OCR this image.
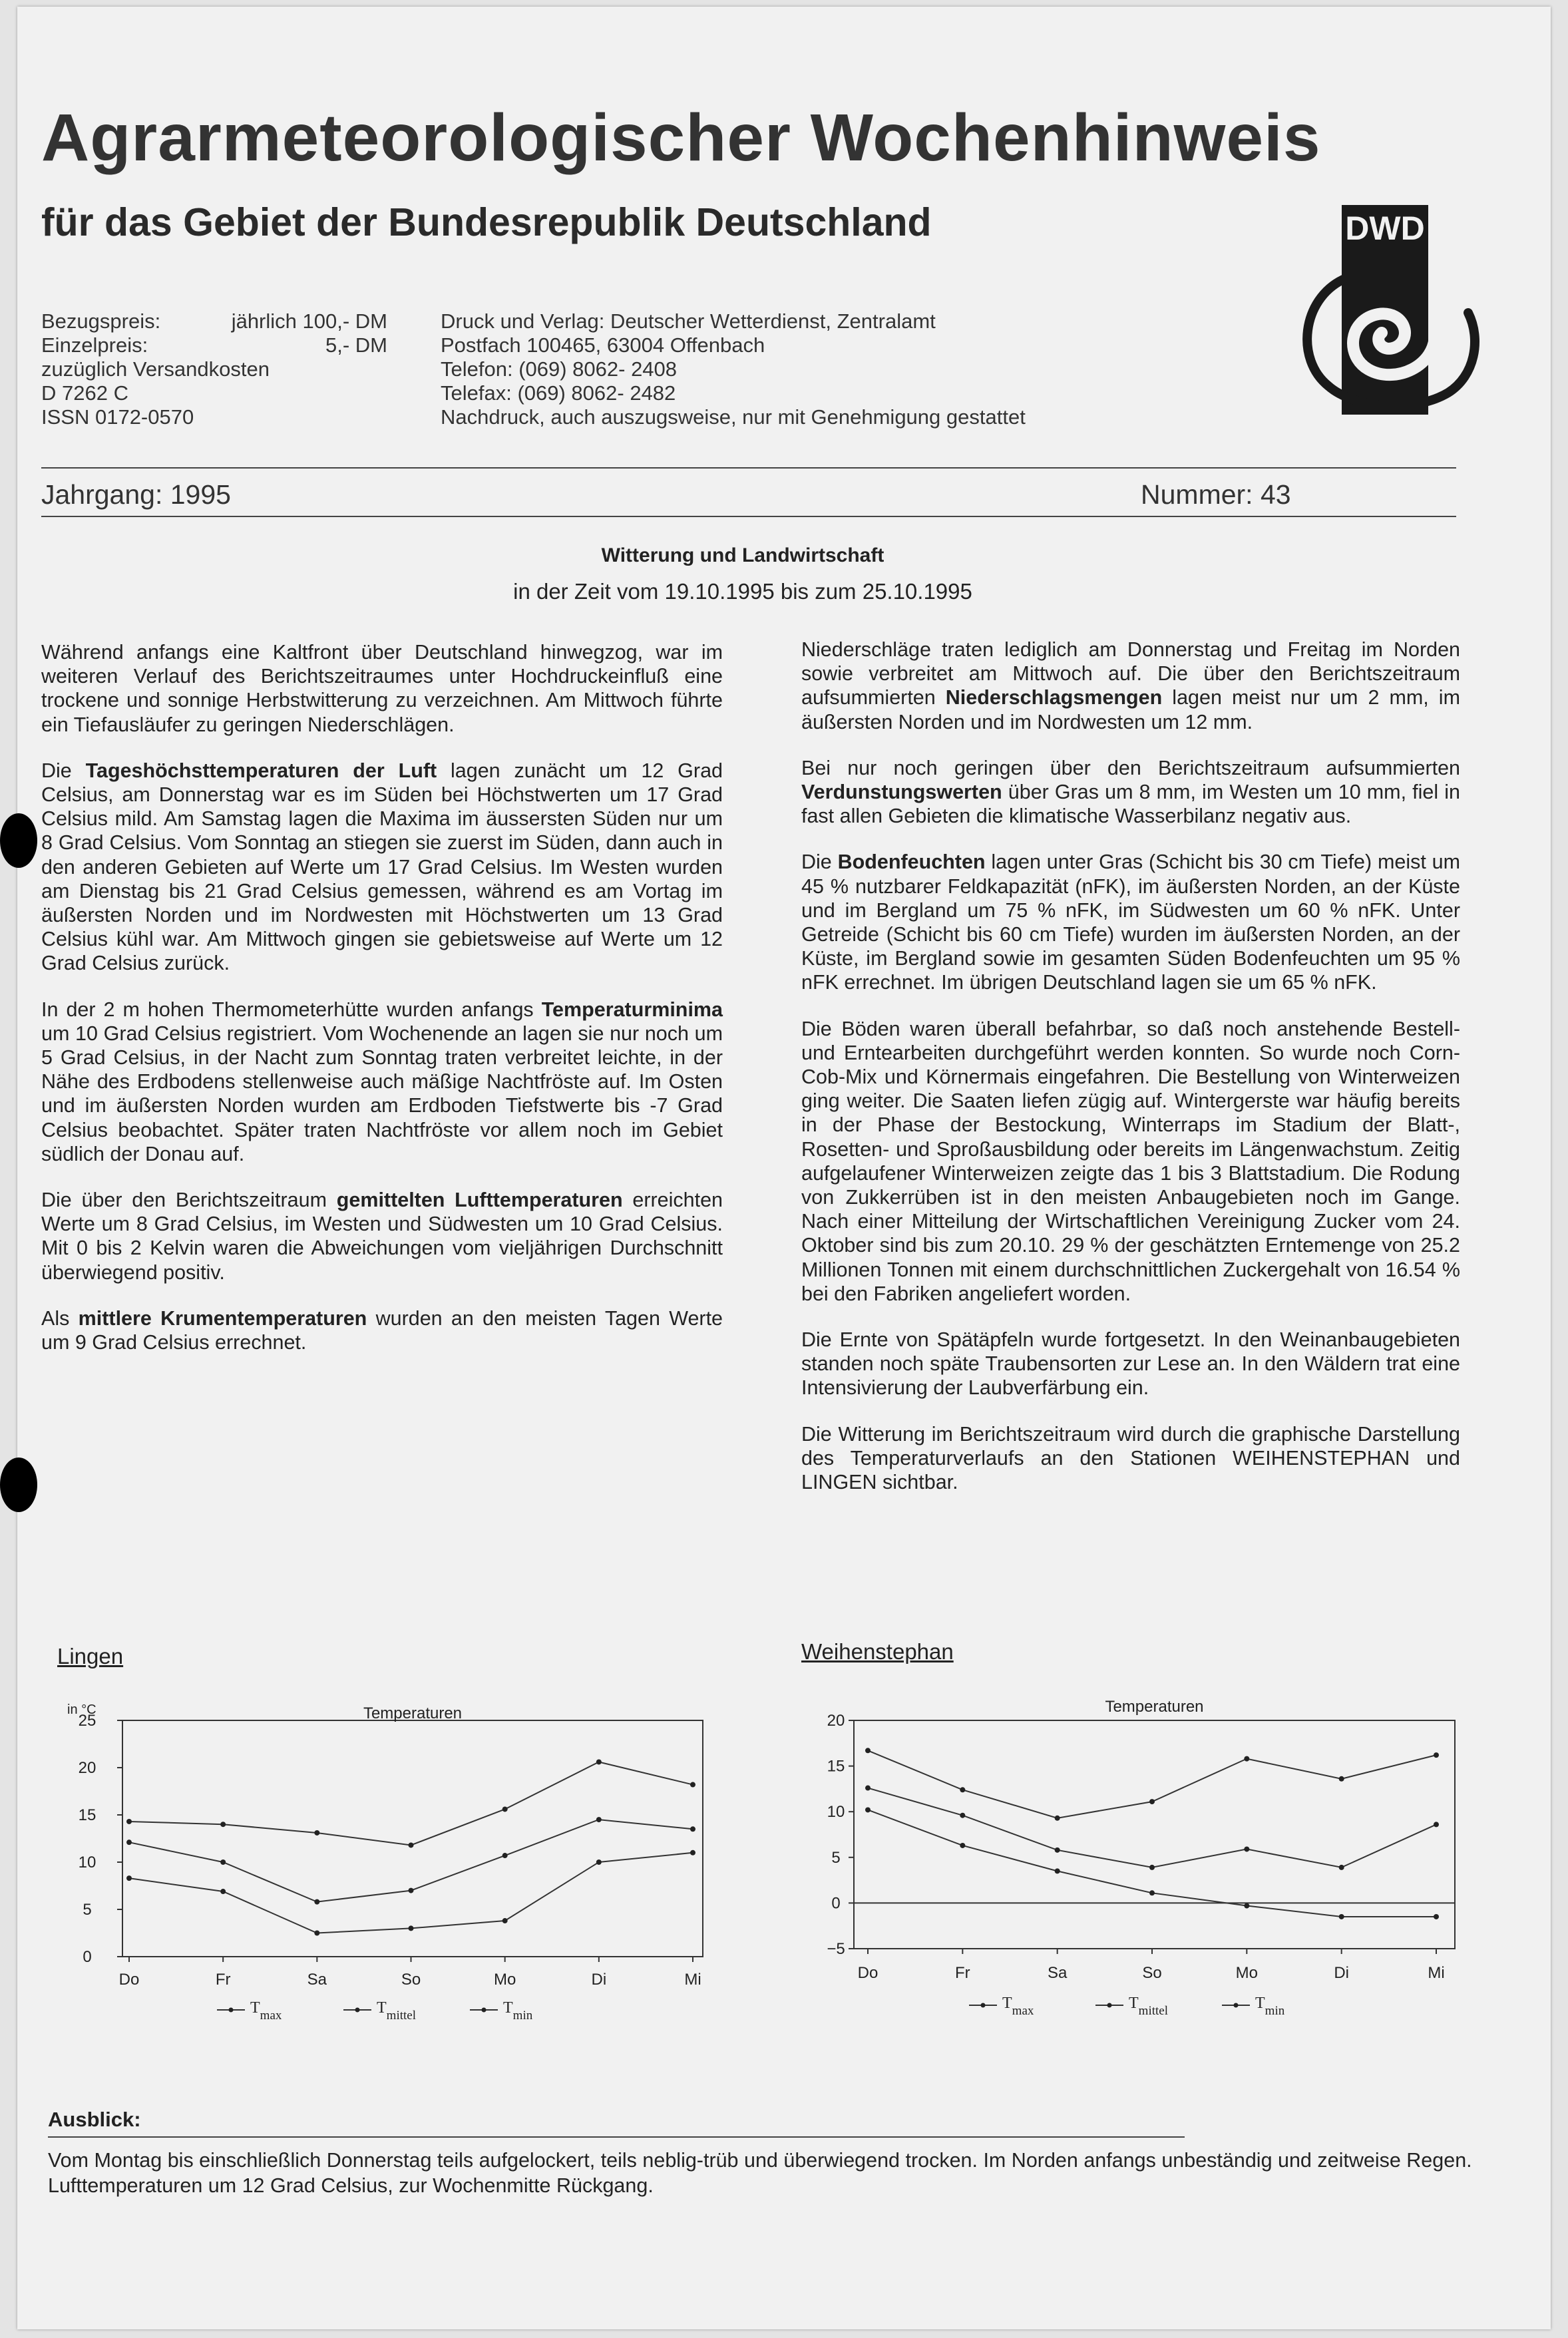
Agrarmeteorologischer Wochenhinweis
für das Gebiet der Bundesrepublik Deutschland
Bezugspreis:	jährlich 100,- DM
Einzelpreis:	5,- DM
zuzüglich Versandkosten
D 7262 C
ISSN 0172-0570
Druck und Verlag: Deutscher Wetterdienst, Zentralamt
Postfach 100465, 63004 Offenbach
Telefon: (069) 8062- 2408
Telefax: (069) 8062- 2482
Nachdruck, auch auszugsweise, nur mit Genehmigung gestattet
DWD
Jahrgang: 1995	Nummer: 43
Witterung und Landwirtschaft
in der Zeit vom 19.10.1995 bis zum 25.10.1995

Während anfangs eine Kaltfront über Deutschland hinwegzog, war im weiteren Verlauf des Berichtszeitraumes unter Hochdruckeinfluß eine trockene und sonnige Herbstwitterung zu verzeichnen. Am Mittwoch führte ein Tiefausläufer zu geringen Niederschlägen.

Die Tageshöchsttemperaturen der Luft lagen zunächt um 12 Grad Celsius, am Donnerstag war es im Süden bei Höchstwerten um 17 Grad Celsius mild. Am Samstag lagen die Maxima im äussersten Süden nur um 8 Grad Celsius. Vom Sonntag an stiegen sie zuerst im Süden, dann auch in den anderen Gebieten auf Werte um 17 Grad Celsius. Im Westen wurden am Dienstag bis 21 Grad Celsius gemessen, während es am Vortag im äußersten Norden und im Nordwesten mit Höchstwerten um 13 Grad Celsius kühl war. Am Mittwoch gingen sie gebietsweise auf Werte um 12 Grad Celsius zurück.

In der 2 m hohen Thermometerhütte wurden anfangs Temperaturminima um 10 Grad Celsius registriert. Vom Wochenende an lagen sie nur noch um 5 Grad Celsius, in der Nacht zum Sonntag traten verbreitet leichte, in der Nähe des Erdbodens stellenweise auch mäßige Nachtfröste auf. Im Osten und im äußersten Norden wurden am Erdboden Tiefstwerte bis -7 Grad Celsius beobachtet. Später traten Nachtfröste vor allem noch im Gebiet südlich der Donau auf.

Die über den Berichtszeitraum gemittelten Lufttemperaturen erreichten Werte um 8 Grad Celsius, im Westen und Südwesten um 10 Grad Celsius. Mit 0 bis 2 Kelvin waren die Abweichungen vom vieljährigen Durchschnitt überwiegend positiv.

Als mittlere Krumentemperaturen wurden an den meisten Tagen Werte um 9 Grad Celsius errechnet.

Niederschläge traten lediglich am Donnerstag und Freitag im Norden sowie verbreitet am Mittwoch auf. Die über den Berichtszeitraum aufsummierten Niederschlagsmengen lagen meist nur um 2 mm, im äußersten Norden und im Nordwesten um 12 mm.

Bei nur noch geringen über den Berichtszeitraum aufsummierten Verdunstungswerten über Gras um 8 mm, im Westen um 10 mm, fiel in fast allen Gebieten die klimatische Wasserbilanz negativ aus.

Die Bodenfeuchten lagen unter Gras (Schicht bis 30 cm Tiefe) meist um 45 % nutzbarer Feldkapazität (nFK), im äußersten Norden, an der Küste und im Bergland um 75 % nFK, im Südwesten um 60 % nFK. Unter Getreide (Schicht bis 60 cm Tiefe) wurden im äußersten Norden, an der Küste, im Bergland sowie im gesamten Süden Bodenfeuchten um 95 % nFK errechnet. Im übrigen Deutschland lagen sie um 65 % nFK.

Die Böden waren überall befahrbar, so daß noch anstehende Bestell- und Erntearbeiten durchgeführt werden konnten. So wurde noch Corn-Cob-Mix und Körnermais eingefahren. Die Bestellung von Winterweizen ging weiter. Die Saaten liefen zügig auf. Wintergerste war häufig bereits in der Phase der Bestockung, Winterraps im Stadium der Blatt-, Rosetten- und Sproßausbildung oder bereits im Längenwachstum. Zeitig aufgelaufener Winterweizen zeigte das 1 bis 3 Blattstadium. Die Rodung von Zukkerrüben ist in den meisten Anbaugebieten noch im Gange. Nach einer Mitteilung der Wirtschaftlichen Vereinigung Zucker vom 24. Oktober sind bis zum 20.10. 29 % der geschätzten Erntemenge von 25.2 Millionen Tonnen mit einem durchschnittlichen Zuckergehalt von 16.54 % bei den Fabriken angeliefert worden.

Die Ernte von Spätäpfeln wurde fortgesetzt. In den Weinanbaugebieten standen noch späte Traubensorten zur Lese an. In den Wäldern trat eine Intensivierung der Laubverfärbung ein.

Die Witterung im Berichtszeitraum wird durch die graphische Darstellung des Temperaturverlaufs an den Stationen WEIHENSTEPHAN und LINGEN sichtbar.

Lingen	Weihenstephan
Temperaturen
in °C
0
5
10
15
20
25
Do	Fr	Sa	So	Mo	Di	Mi
$T_{max}$	$T_{mittel}$	$T_{min}$
Temperaturen
−5
0
5
10
15
20
Do	Fr	Sa	So	Mo	Di	Mi
$T_{max}$	$T_{mittel}$	$T_{min}$
Ausblick:
Vom Montag bis einschließlich Donnerstag teils aufgelockert, teils neblig-trüb und überwiegend trocken. Im Norden anfangs unbeständig und zeitweise Regen. Lufttemperaturen um 12 Grad Celsius, zur Wochenmitte Rückgang.
